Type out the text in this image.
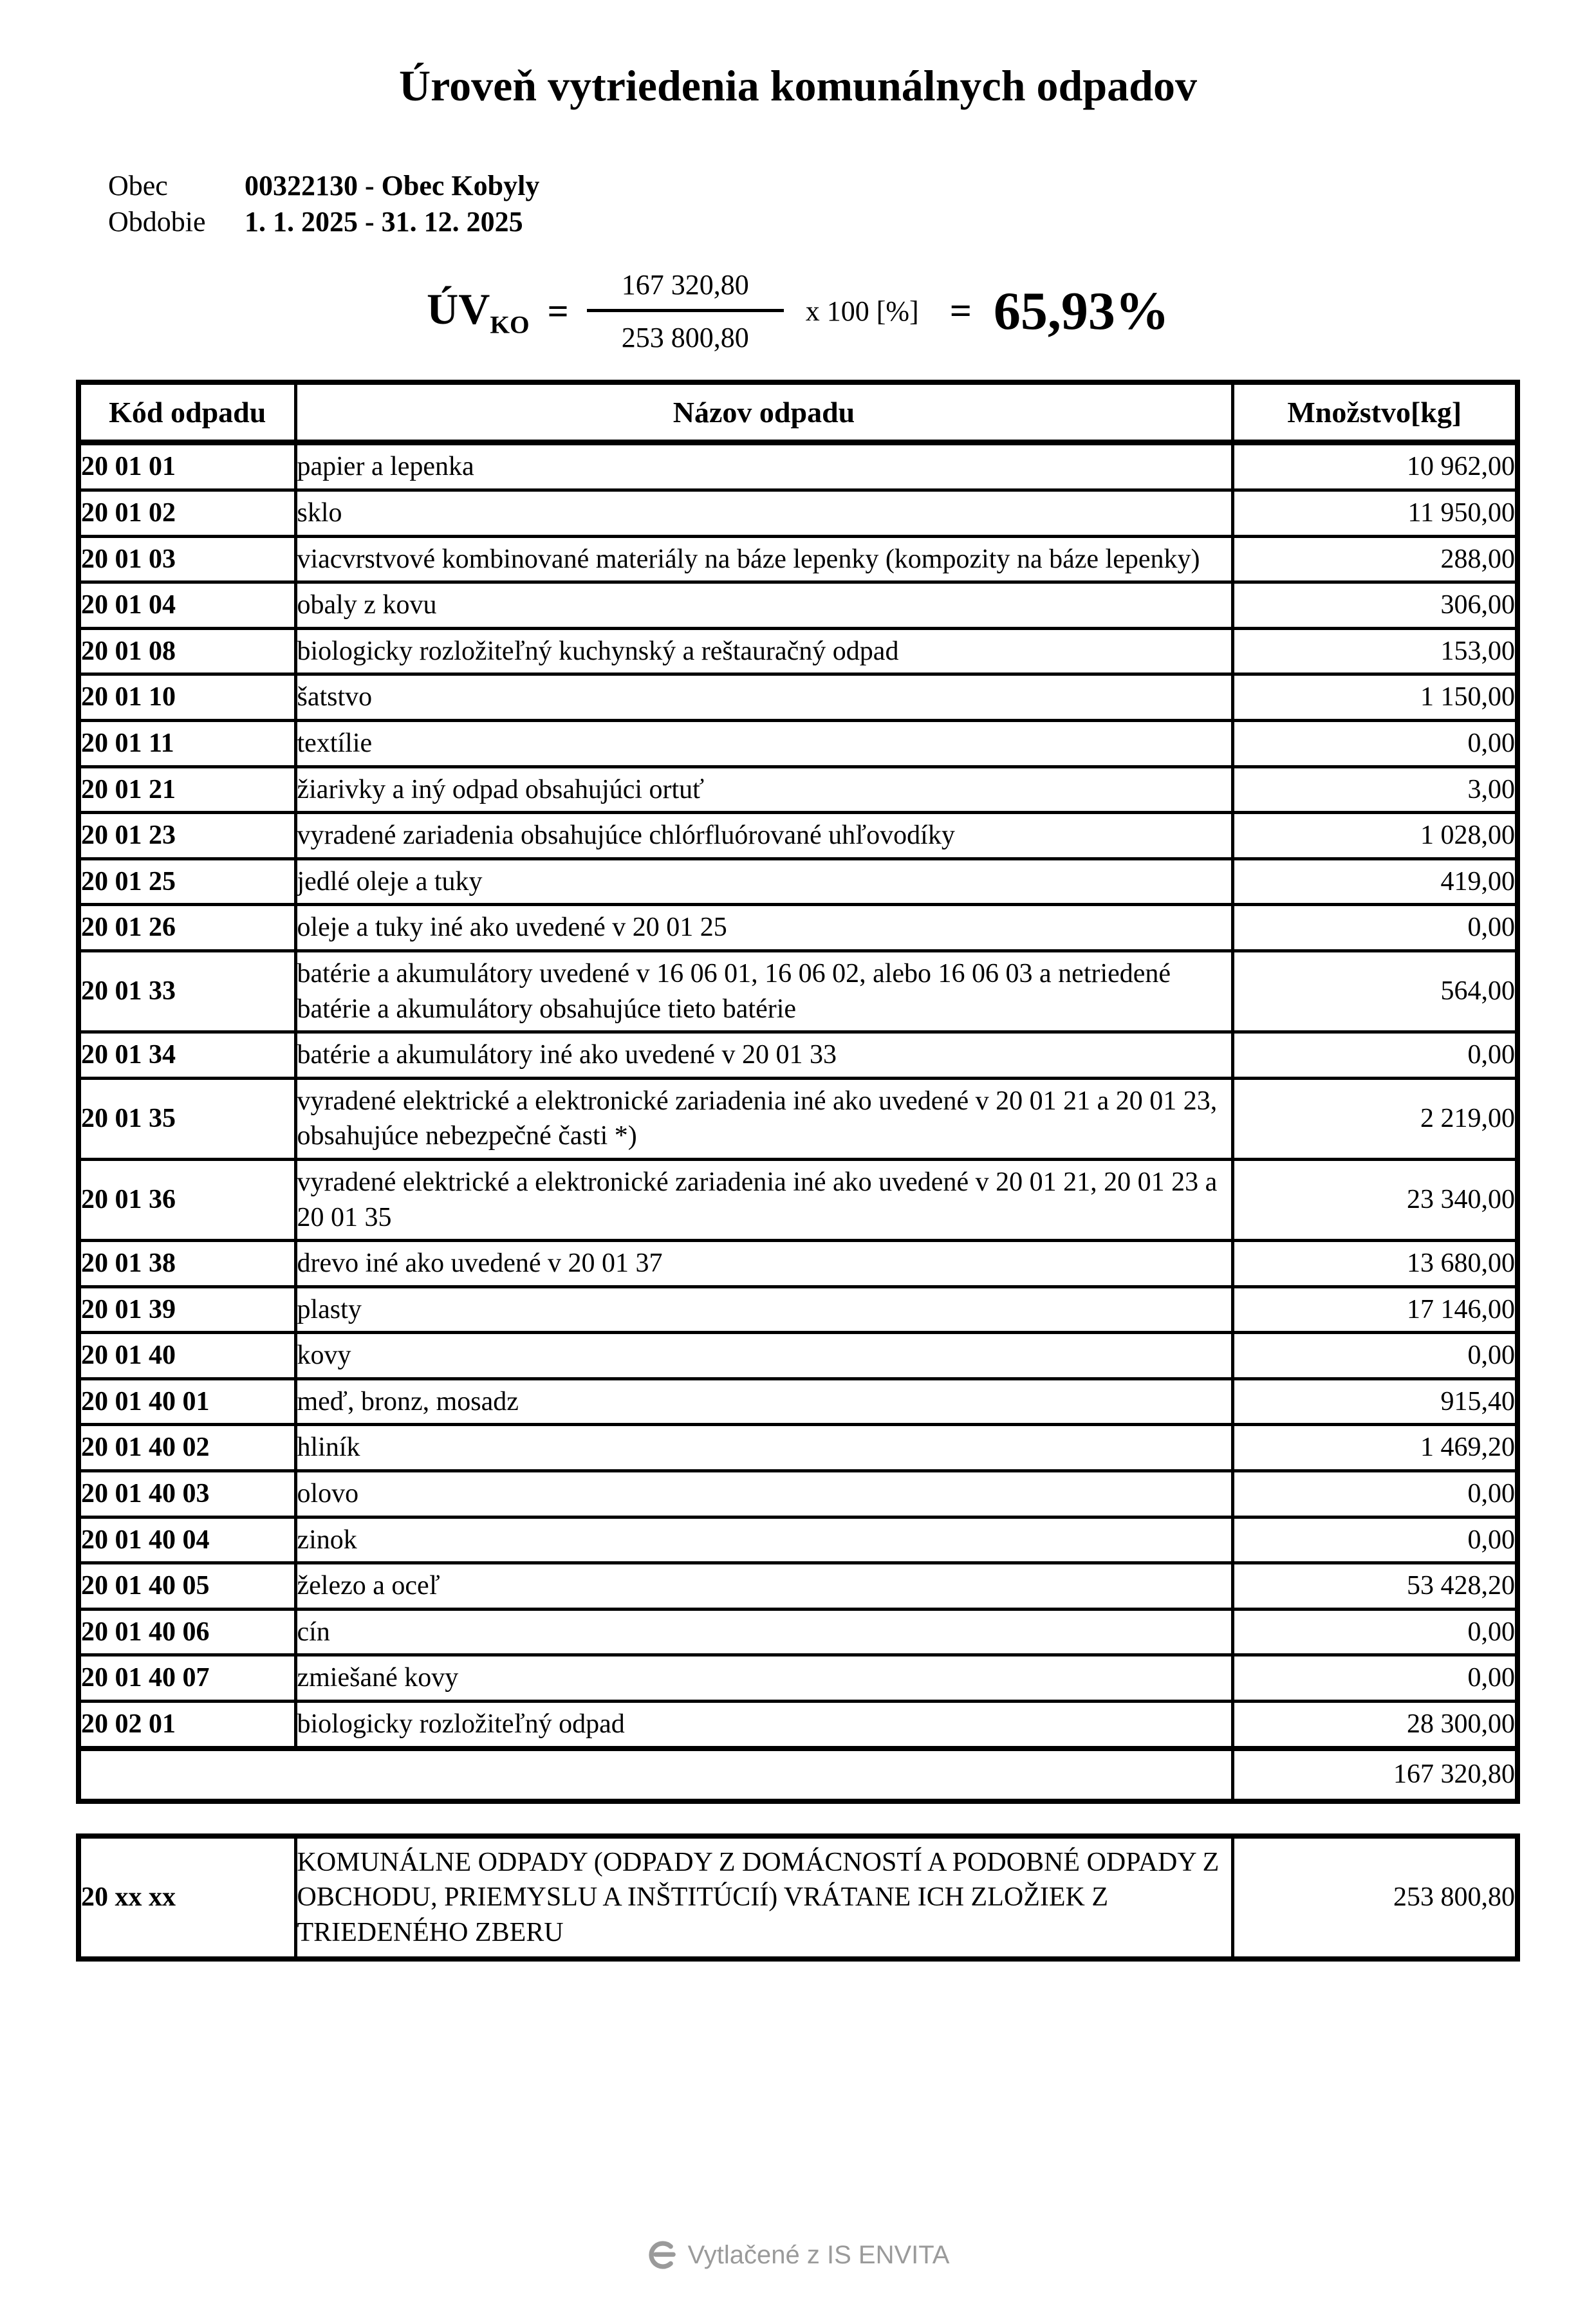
Úroveň vytriedenia komunálnych odpadov
Obec	00322130 - Obec Kobyly
Obdobie	1. 1. 2025 - 31. 12. 2025
$ÚV_{KO} = \frac{167 320,80}{253 800,80}$ x 100 [%] = 65,93%
Kód odpadu	Názov odpadu	Množstvo[kg]
20 01 01	papier a lepenka	10 962,00
20 01 02	sklo	11 950,00
20 01 03	viacvrstvové kombinované materiály na báze lepenky (kompozity na báze lepenky)	288,00
20 01 04	obaly z kovu	306,00
20 01 08	biologicky rozložiteľný kuchynský a reštauračný odpad	153,00
20 01 10	šatstvo	1 150,00
20 01 11	textílie	0,00
20 01 21	žiarivky a iný odpad obsahujúci ortuť	3,00
20 01 23	vyradené zariadenia obsahujúce chlórfluórované uhľovodíky	1 028,00
20 01 25	jedlé oleje a tuky	419,00
20 01 26	oleje a tuky iné ako uvedené v 20 01 25	0,00
20 01 33	batérie a akumulátory uvedené v 16 06 01, 16 06 02, alebo 16 06 03 a netriedené batérie a akumulátory obsahujúce tieto batérie	564,00
20 01 34	batérie a akumulátory iné ako uvedené v 20 01 33	0,00
20 01 35	vyradené elektrické a elektronické zariadenia iné ako uvedené v 20 01 21 a 20 01 23, obsahujúce nebezpečné časti *)	2 219,00
20 01 36	vyradené elektrické a elektronické zariadenia iné ako uvedené v 20 01 21, 20 01 23 a 20 01 35	23 340,00
20 01 38	drevo iné ako uvedené v 20 01 37	13 680,00
20 01 39	plasty	17 146,00
20 01 40	kovy	0,00
20 01 40 01	meď, bronz, mosadz	915,40
20 01 40 02	hliník	1 469,20
20 01 40 03	olovo	0,00
20 01 40 04	zinok	0,00
20 01 40 05	železo a oceľ	53 428,20
20 01 40 06	cín	0,00
20 01 40 07	zmiešané kovy	0,00
20 02 01	biologicky rozložiteľný odpad	28 300,00
		167 320,80
20 xx xx	KOMUNÁLNE ODPADY (ODPADY Z DOMÁCNOSTÍ A PODOBNÉ ODPADY Z OBCHODU, PRIEMYSLU A INŠTITÚCIÍ) VRÁTANE ICH ZLOŽIEK Z TRIEDENÉHO ZBERU	253 800,80
Vytlačené z IS ENVITA
